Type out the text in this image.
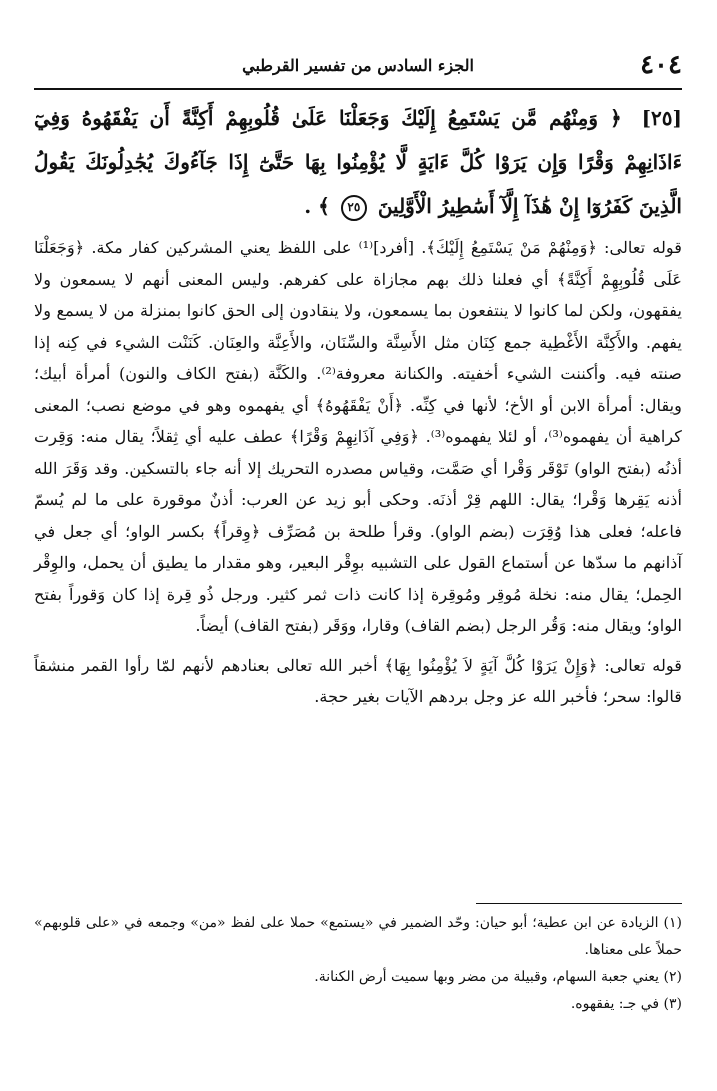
٤٠٤
الجزء السادس من تفسير القرطبي
[٢٥] ﴿ وَمِنْهُم مَّن يَسْتَمِعُ إِلَيْكَ وَجَعَلْنَا عَلَىٰ قُلُوبِهِمْ أَكِنَّةً أَن يَفْقَهُوهُ وَفِيٓ ءَاذَانِهِمْ وَقْرًا وَإِن يَرَوْا كُلَّ ءَايَةٍ لَّا يُؤْمِنُوا بِهَا حَتَّىٰٓ إِذَا جَآءُوكَ يُجَٰدِلُونَكَ يَقُولُ الَّذِينَ كَفَرُوٓا إِنْ هَٰذَآ إِلَّآ أَسَٰطِيرُ الْأَوَّلِينَ ٢٥ ﴾ .

قوله تعالى: ﴿وَمِنْهُمْ مَنْ يَسْتَمِعُ إِلَيْكَ﴾. [أفرد]⁽¹⁾ على اللفظ يعني المشركين كفار مكة. ﴿وَجَعَلْنَا عَلَى قُلُوبِهِمْ أَكِنَّةً﴾ أي فعلنا ذلك بهم مجازاة على كفرهم. وليس المعنى أنهم لا يسمعون ولا يفقهون، ولكن لما كانوا لا ينتفعون بما يسمعون، ولا ينقادون إلى الحق كانوا بمنزلة من لا يسمع ولا يفهم. والأَكِنَّة الأَغْطِية جمع كِنَان مثل الأَسِنَّة والسِّنَان، والأَعِنَّة والعِنَان. كَنَنْت الشيء في كِنه إذا صنته فيه. وأكننت الشيء أخفيته. والكنانة معروفة⁽²⁾. والكَنَّة (بفتح الكاف والنون) أمرأة أبيك؛ ويقال: أمرأة الابن أو الأخ؛ لأنها في كِنِّه. ﴿أَنْ يَفْقَهُوهُ﴾ أي يفهموه وهو في موضع نصب؛ المعنى كراهية أن يفهموه⁽³⁾، أو لئلا يفهموه⁽³⁾. ﴿وَفِي آذَانِهِمْ وَقْرًا﴾ عطف عليه أي ثِقلاً؛ يقال منه: وَقِرت أذنُه (بفتح الواو) تَوْقَر وَقْرا أي صَمَّت، وقياس مصدره التحريك إلا أنه جاء بالتسكين. وقد وَقَرَ الله أذنه يَقِرها وَقْرا؛ يقال: اللهم قِرْ أذنَه. وحكى أبو زيد عن العرب: أذنٌ موقورة على ما لم يُسمّ فاعله؛ فعلى هذا وُقِرَت (بضم الواو). وقرأ طلحة بن مُصَرِّف ﴿وِقراً﴾ بكسر الواو؛ أي جعل في آذانهم ما سدّها عن أستماع القول على التشبيه بوِقْر البعير، وهو مقدار ما يطيق أن يحمل، والوِقْر الحِمل؛ يقال منه: نخلة مُوقِر ومُوقِرة إذا كانت ذات ثمر كثير. ورجل ذُو قِرة إذا كان وَقوراً بفتح الواو؛ ويقال منه: وَقُر الرجل (بضم القاف) وقارا، ووَقَر (بفتح القاف) أيضاً.

قوله تعالى: ﴿وَإِنْ يَرَوْا كُلَّ آيَةٍ لاَ يُؤْمِنُوا بِهَا﴾ أخبر الله تعالى بعنادهم لأنهم لمّا رأوا القمر منشقاً قالوا: سحر؛ فأخبر الله عز وجل بردهم الآيات بغير حجة.

(١) الزيادة عن ابن عطية؛ أبو حيان: وحّد الضمير في «يستمع» حملا على لفظ «من» وجمعه في «على قلوبهم» حملاً على معناها.

(٢) يعني جعبة السهام، وقبيلة من مضر وبها سميت أرض الكنانة.

(٣) في جـ: يفقهوه.
